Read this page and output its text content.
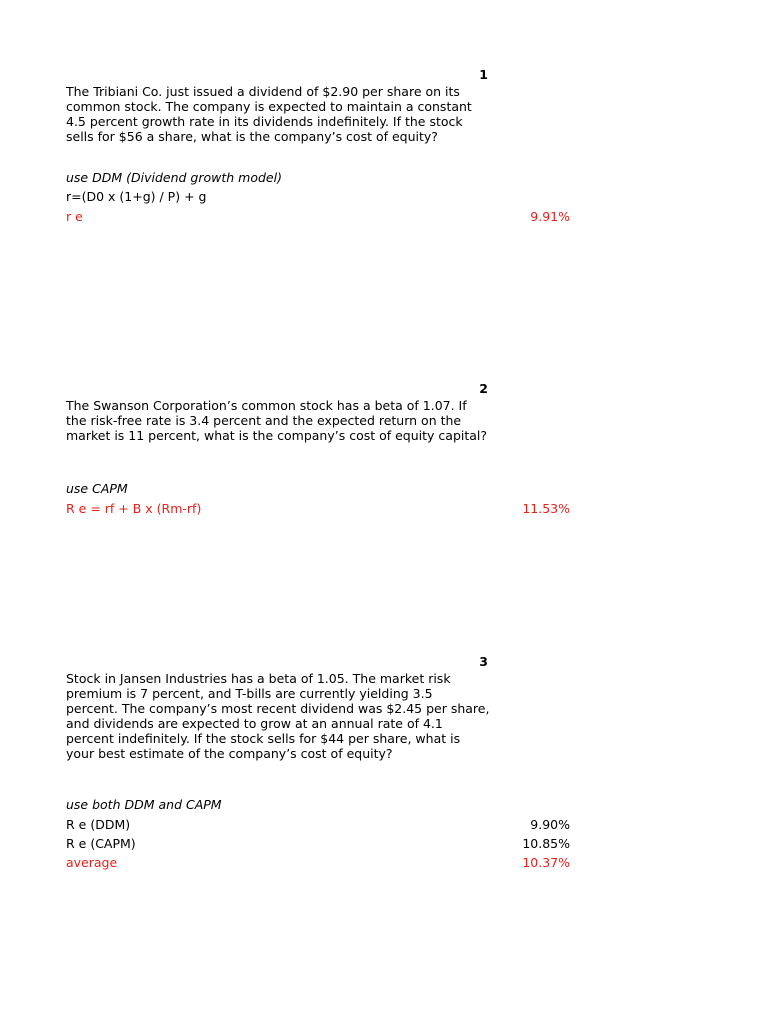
1
The Tribiani Co. just issued a dividend of $2.90 per share on its
common stock. The company is expected to maintain a constant
4.5 percent growth rate in its dividends indefinitely. If the stock
sells for $56 a share, what is the company’s cost of equity?
use DDM (Dividend growth model)
r=(D0 x (1+g) / P) + g
r e	9.91%
2
The Swanson Corporation’s common stock has a beta of 1.07. If
the risk-free rate is 3.4 percent and the expected return on the
market is 11 percent, what is the company’s cost of equity capital?
use CAPM
R e = rf + B x (Rm-rf)	11.53%
3
Stock in Jansen Industries has a beta of 1.05. The market risk
premium is 7 percent, and T-bills are currently yielding 3.5
percent. The company’s most recent dividend was $2.45 per share,
and dividends are expected to grow at an annual rate of 4.1
percent indefinitely. If the stock sells for $44 per share, what is
your best estimate of the company’s cost of equity?
use both DDM and CAPM
R e (DDM)	9.90%
R e (CAPM)	10.85%
average	10.37%
